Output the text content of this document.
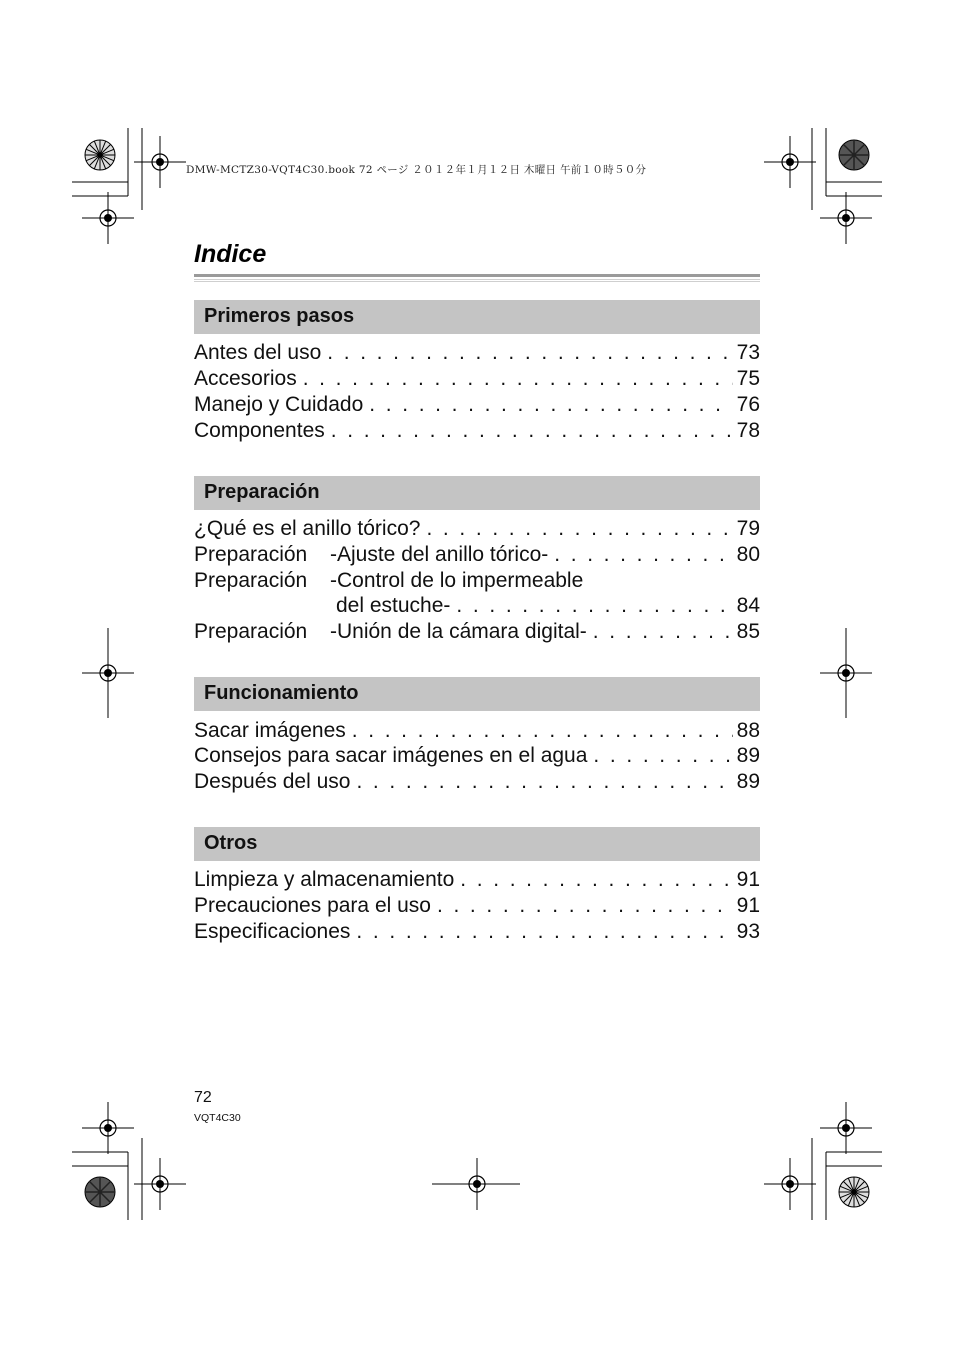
DMW-MCTZ30-VQT4C30.book 72 ページ ２０１２年１月１２日 木曜日 午前１０時５０分
Indice
Primeros pasos
Antes del uso . . .	73
Accesorios . . .	75
Manejo y Cuidado . . .	76
Componentes . . .	78
Preparación
¿Qué es el anillo tórico? . . .	79
Preparación	-Ajuste del anillo tórico- . . .	80
Preparación	-Control de lo impermeable
del estuche- . . .	84
Preparación	-Unión de la cámara digital- . . .	85
Funcionamiento
Sacar imágenes . . .	88
Consejos para sacar imágenes en el agua . . .	89
Después del uso . . .	89
Otros
Limpieza y almacenamiento . . .	91
Precauciones para el uso . . .	91
Especificaciones . . .	93
72
VQT4C30
